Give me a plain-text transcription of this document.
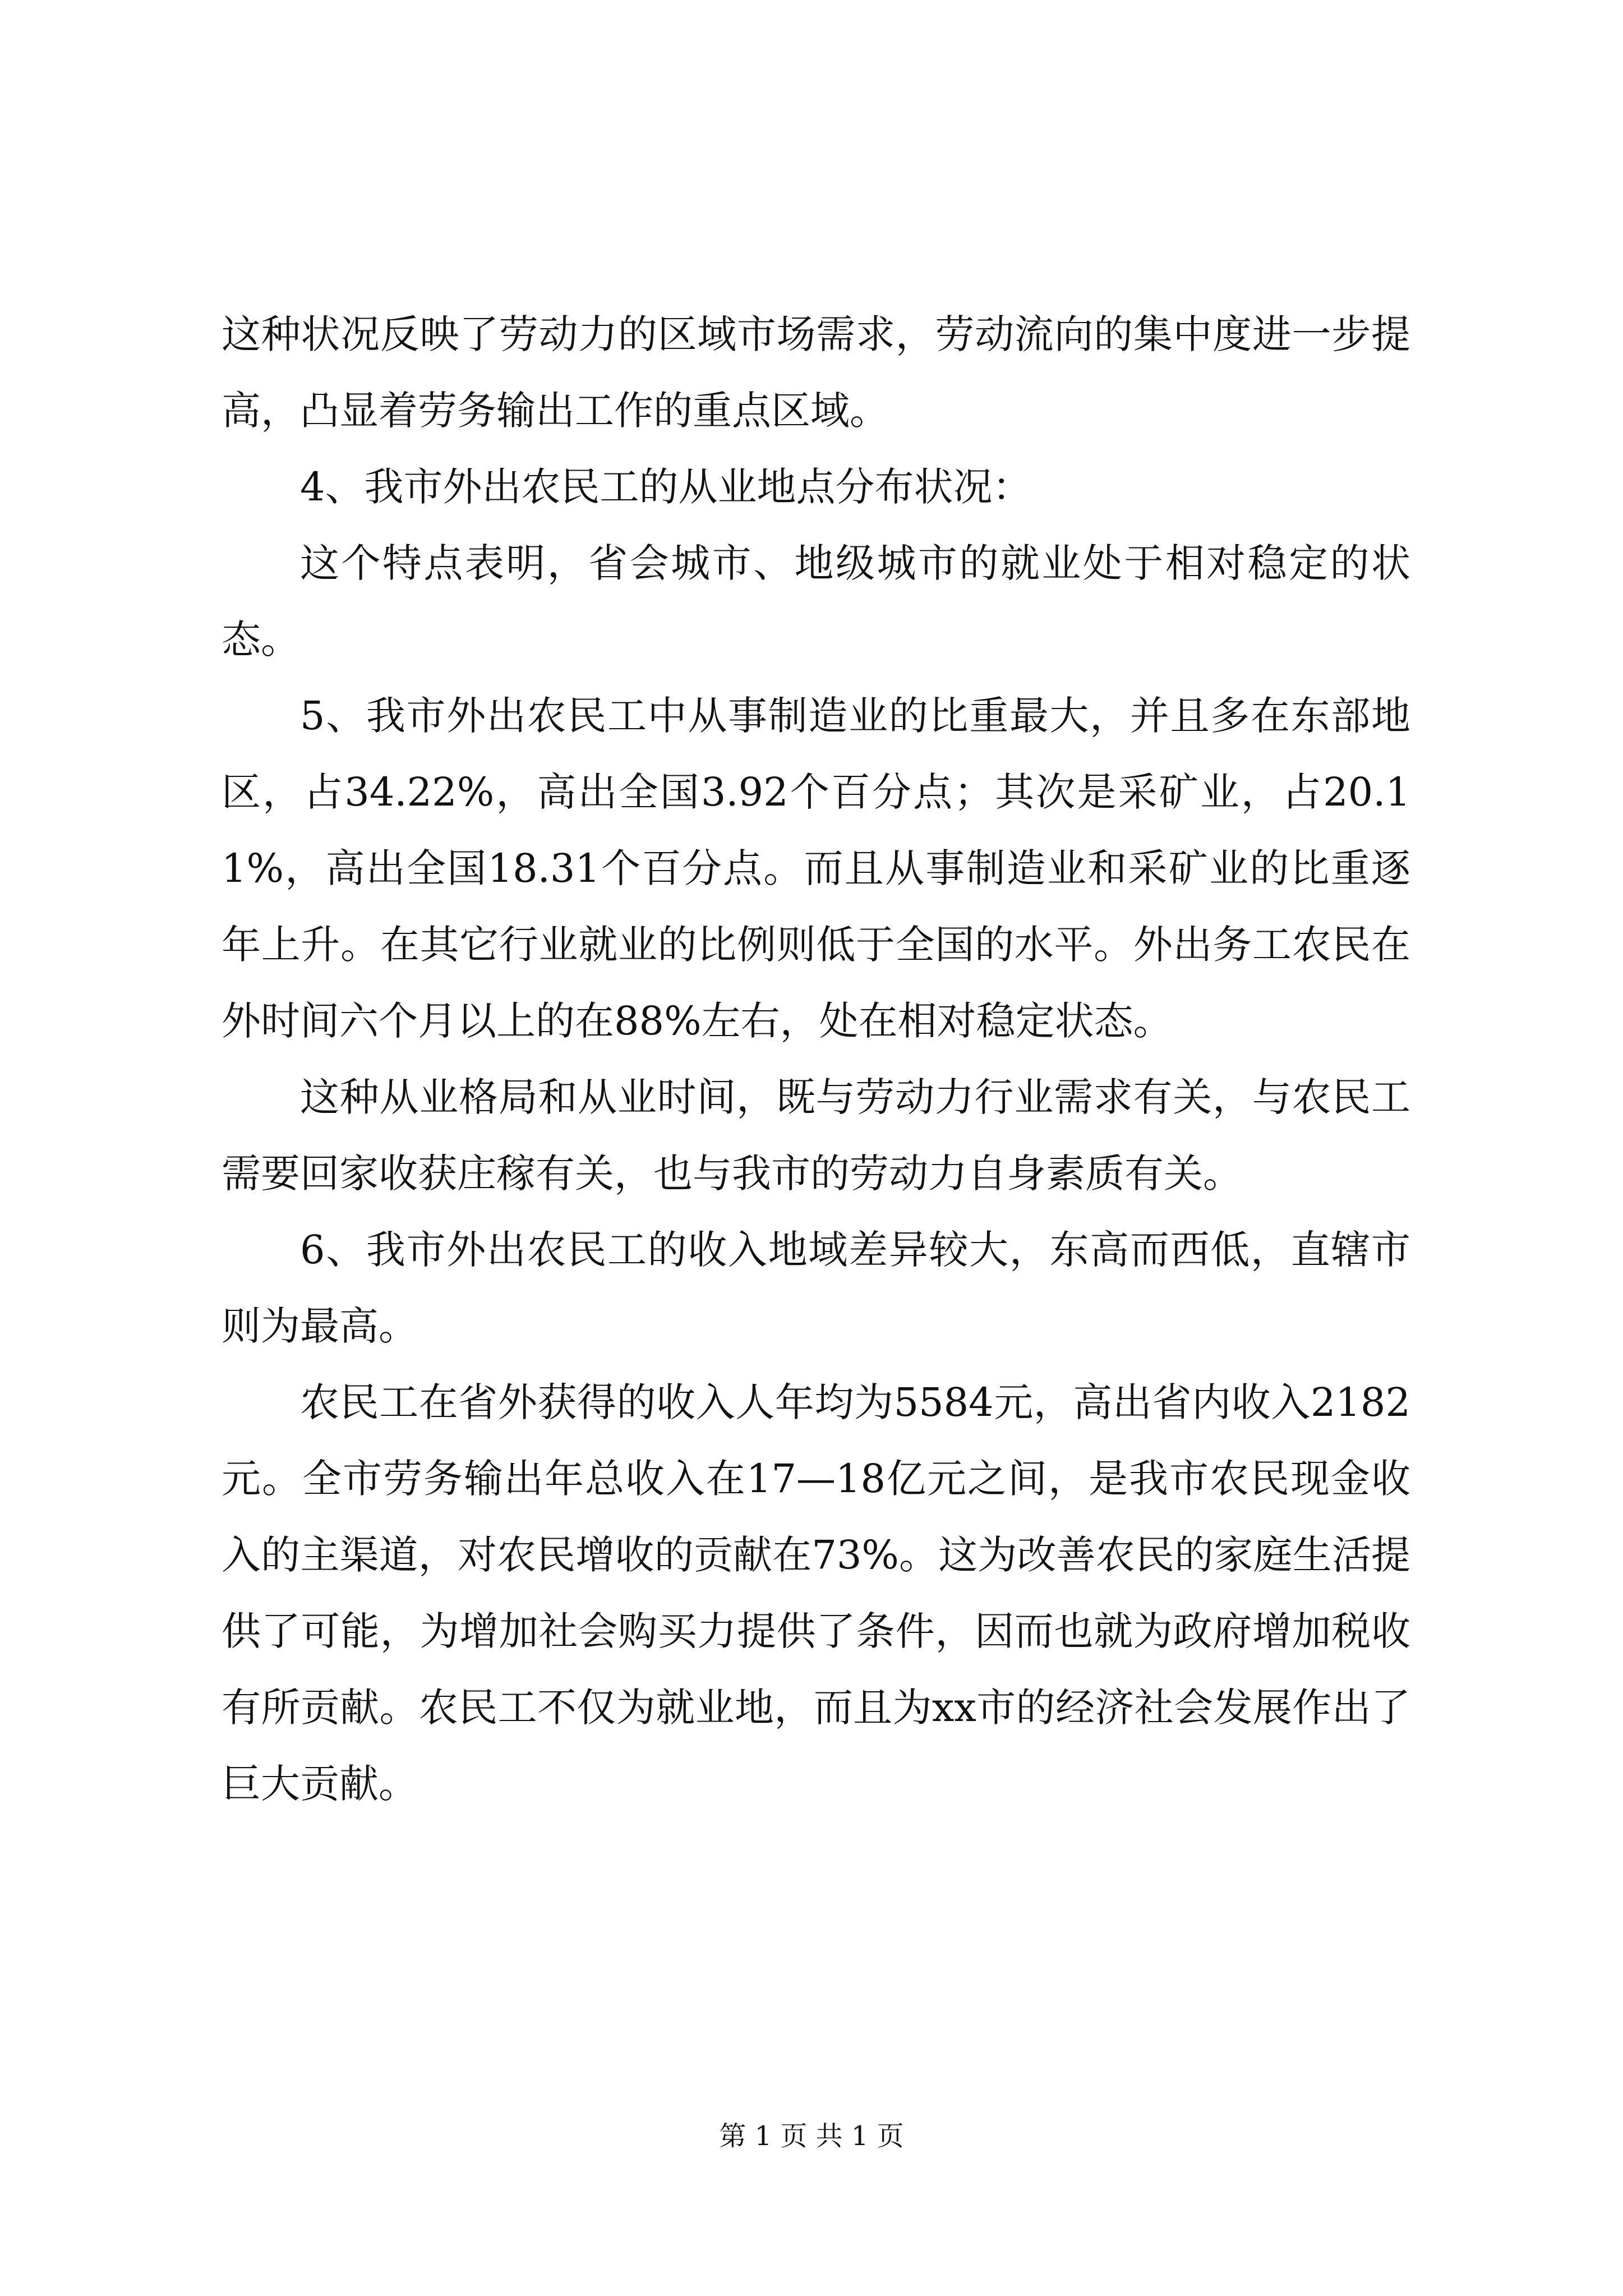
这种状况反映了劳动力的区域市场需求，劳动流向的集中度进一步提高，凸显着劳务输出工作的重点区域。

4、我市外出农民工的从业地点分布状况：

这个特点表明，省会城市、地级城市的就业处于相对稳定的状态。

5、我市外出农民工中从事制造业的比重最大，并且多在东部地区，占34.22%，高出全国3.92个百分点；其次是采矿业，占20.11%，高出全国18.31个百分点。而且从事制造业和采矿业的比重逐年上升。在其它行业就业的比例则低于全国的水平。外出务工农民在外时间六个月以上的在88%左右，处在相对稳定状态。

这种从业格局和从业时间，既与劳动力行业需求有关，与农民工需要回家收获庄稼有关，也与我市的劳动力自身素质有关。

6、我市外出农民工的收入地域差异较大，东高而西低，直辖市则为最高。

农民工在省外获得的收入人年均为5584元，高出省内收入2182元。全市劳务输出年总收入在17—18亿元之间，是我市农民现金收入的主渠道，对农民增收的贡献在73%。这为改善农民的家庭生活提供了可能，为增加社会购买力提供了条件，因而也就为政府增加税收有所贡献。农民工不仅为就业地，而且为xx市的经济社会发展作出了巨大贡献。

第 1 页 共 1 页
